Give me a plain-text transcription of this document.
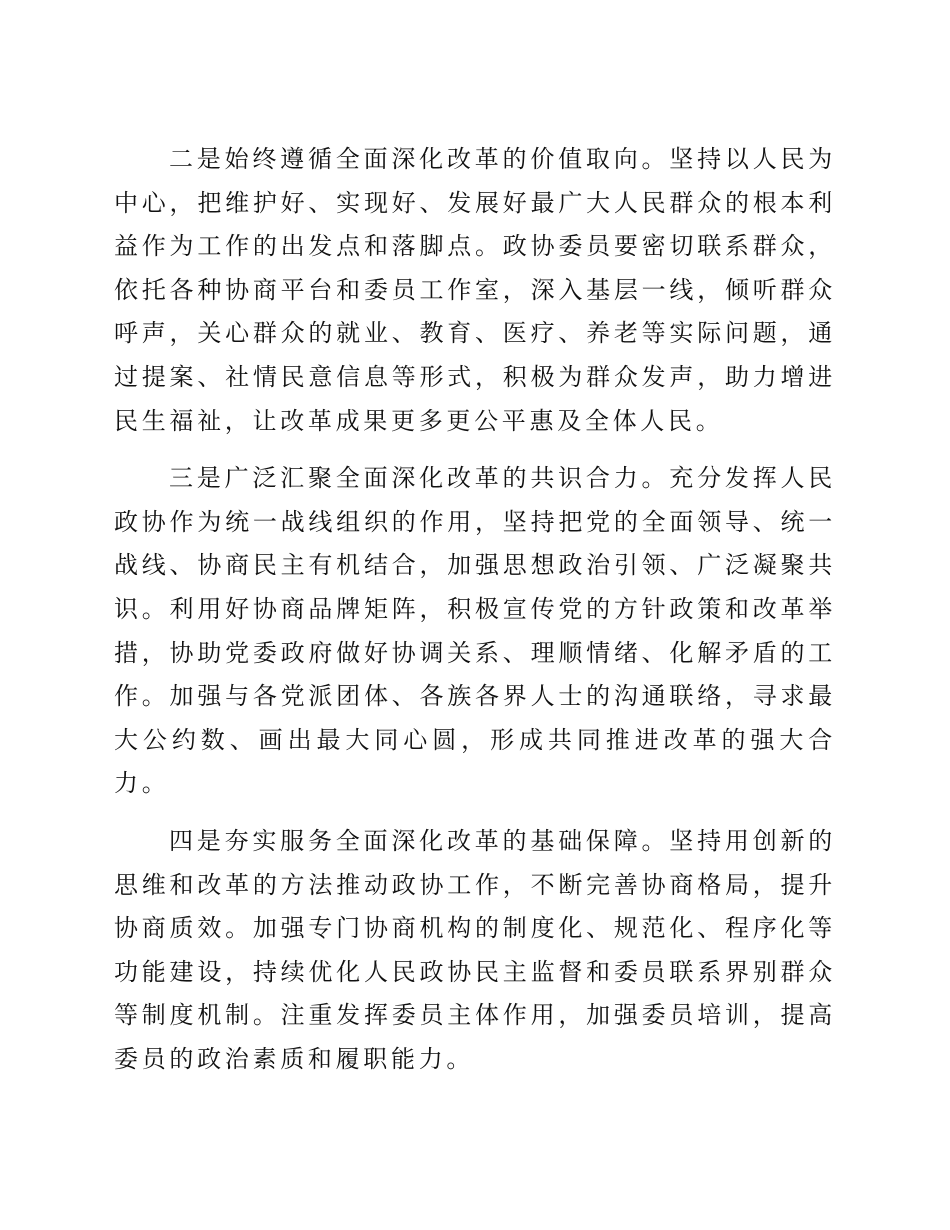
二是始终遵循全面深化改革的价值取向。坚持以人民为中心，把维护好、实现好、发展好最广大人民群众的根本利益作为工作的出发点和落脚点。政协委员要密切联系群众，依托各种协商平台和委员工作室，深入基层一线，倾听群众呼声，关心群众的就业、教育、医疗、养老等实际问题，通过提案、社情民意信息等形式，积极为群众发声，助力增进民生福祉，让改革成果更多更公平惠及全体人民。

三是广泛汇聚全面深化改革的共识合力。充分发挥人民政协作为统一战线组织的作用，坚持把党的全面领导、统一战线、协商民主有机结合，加强思想政治引领、广泛凝聚共识。利用好协商品牌矩阵，积极宣传党的方针政策和改革举措，协助党委政府做好协调关系、理顺情绪、化解矛盾的工作。加强与各党派团体、各族各界人士的沟通联络，寻求最大公约数、画出最大同心圆，形成共同推进改革的强大合力。

四是夯实服务全面深化改革的基础保障。坚持用创新的思维和改革的方法推动政协工作，不断完善协商格局，提升协商质效。加强专门协商机构的制度化、规范化、程序化等功能建设，持续优化人民政协民主监督和委员联系界别群众等制度机制。注重发挥委员主体作用，加强委员培训，提高委员的政治素质和履职能力。
